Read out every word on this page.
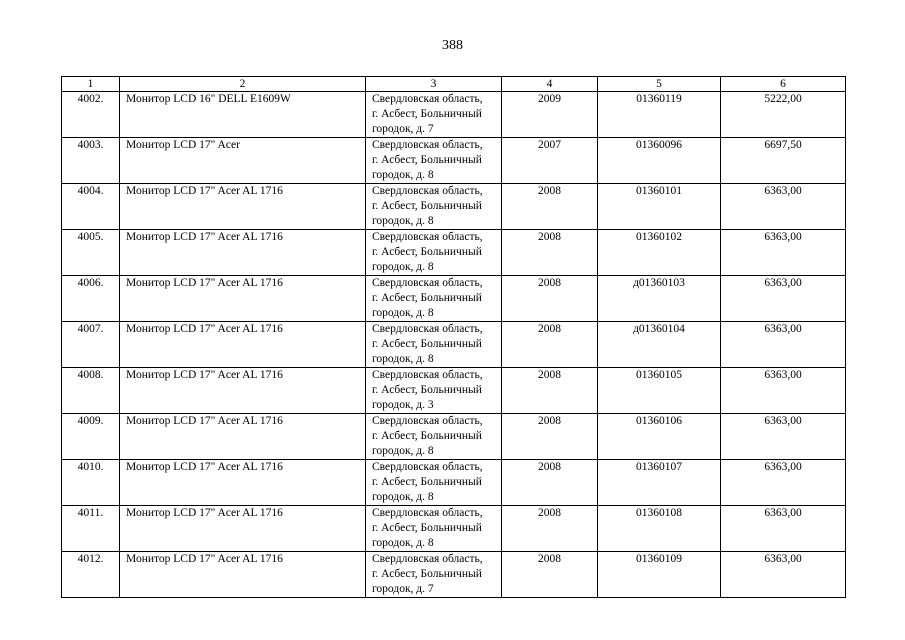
388
1	2	3	4	5	6
4002.	Монитор LCD 16" DELL E1609W	Свердловская область,
г. Асбест, Больничный
городок, д. 7	2009	01360119	5222,00
4003.	Монитор LCD 17" Acer	Свердловская область,
г. Асбест, Больничный
городок, д. 8	2007	01360096	6697,50
4004.	Монитор LCD 17" Acer AL 1716	Свердловская область,
г. Асбест, Больничный
городок, д. 8	2008	01360101	6363,00
4005.	Монитор LCD 17" Acer AL 1716	Свердловская область,
г. Асбест, Больничный
городок, д. 8	2008	01360102	6363,00
4006.	Монитор LCD 17" Acer AL 1716	Свердловская область,
г. Асбест, Больничный
городок, д. 8	2008	д01360103	6363,00
4007.	Монитор LCD 17" Acer AL 1716	Свердловская область,
г. Асбест, Больничный
городок, д. 8	2008	д01360104	6363,00
4008.	Монитор LCD 17" Acer AL 1716	Свердловская область,
г. Асбест, Больничный
городок, д. 3	2008	01360105	6363,00
4009.	Монитор LCD 17" Acer AL 1716	Свердловская область,
г. Асбест, Больничный
городок, д. 8	2008	01360106	6363,00
4010.	Монитор LCD 17" Acer AL 1716	Свердловская область,
г. Асбест, Больничный
городок, д. 8	2008	01360107	6363,00
4011.	Монитор LCD 17" Acer AL 1716	Свердловская область,
г. Асбест, Больничный
городок, д. 8	2008	01360108	6363,00
4012.	Монитор LCD 17" Acer AL 1716	Свердловская область,
г. Асбест, Больничный
городок, д. 7	2008	01360109	6363,00
